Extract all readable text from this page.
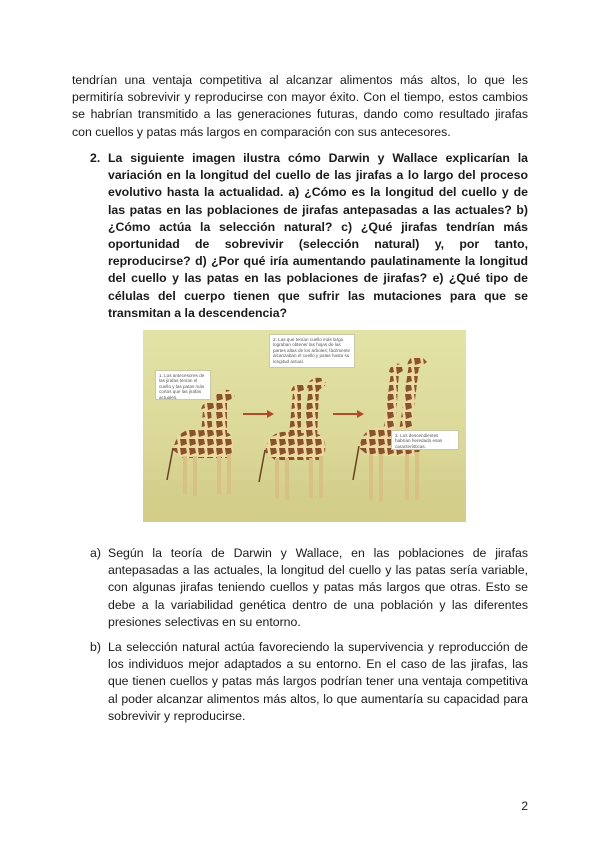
tendrían una ventaja competitiva al alcanzar alimentos más altos, lo que les permitiría sobrevivir y reproducirse con mayor éxito. Con el tiempo, estos cambios se habrían transmitido a las generaciones futuras, dando como resultado jirafas con cuellos y patas más largos en comparación con sus antecesores.

2. La siguiente imagen ilustra cómo Darwin y Wallace explicarían la variación en la longitud del cuello de las jirafas a lo largo del proceso evolutivo hasta la actualidad. a) ¿Cómo es la longitud del cuello y de las patas en las poblaciones de jirafas antepasadas a las actuales? b) ¿Cómo actúa la selección natural? c) ¿Qué jirafas tendrían más oportunidad de sobrevivir (selección natural) y, por tanto, reproducirse? d) ¿Por qué iría aumentando paulatinamente la longitud del cuello y las patas en las poblaciones de jirafas? e) ¿Qué tipo de células del cuerpo tienen que sufrir las mutaciones para que se transmitan a la descendencia?
1. Los antecesores de las jirafas tenían el cuello y las patas más cortos que las jirafas actuales.
2. Las que tenían cuello más largo lograban obtener las hojas de las partes altas de los árboles; fácilmente alcanzaban el cuello y patas hasta su longitud actual.
3. Los descendientes habrían heredado esas características.
a) Según la teoría de Darwin y Wallace, en las poblaciones de jirafas antepasadas a las actuales, la longitud del cuello y las patas sería variable, con algunas jirafas teniendo cuellos y patas más largos que otras. Esto se debe a la variabilidad genética dentro de una población y las diferentes presiones selectivas en su entorno.
b) La selección natural actúa favoreciendo la supervivencia y reproducción de los individuos mejor adaptados a su entorno. En el caso de las jirafas, las que tienen cuellos y patas más largos podrían tener una ventaja competitiva al poder alcanzar alimentos más altos, lo que aumentaría su capacidad para sobrevivir y reproducirse.
2
